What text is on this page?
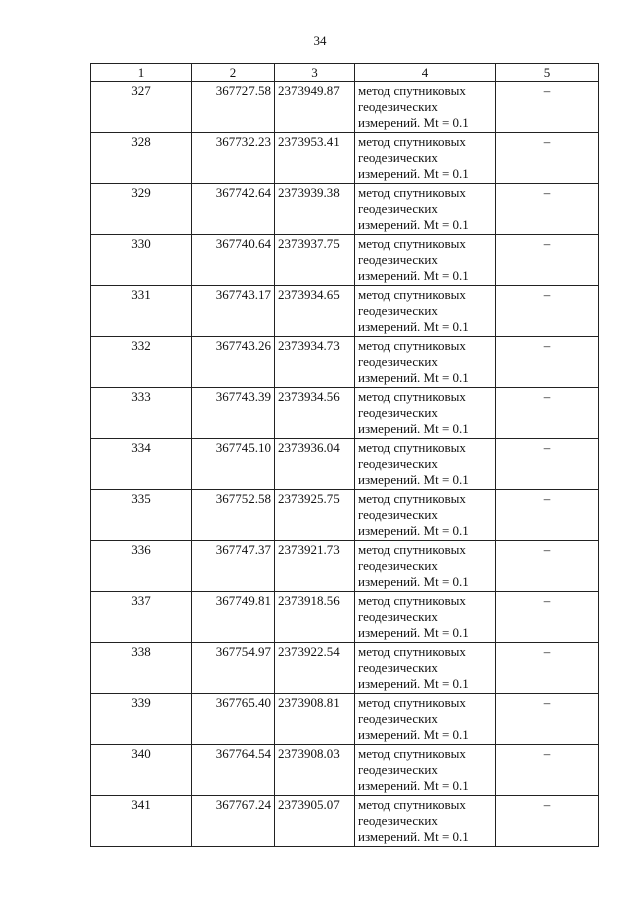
34
1	2	3	4	5
327	367727.58	2373949.87	метод спутниковых
геодезических
измерений. Mt = 0.1	–
328	367732.23	2373953.41	метод спутниковых
геодезических
измерений. Mt = 0.1	–
329	367742.64	2373939.38	метод спутниковых
геодезических
измерений. Mt = 0.1	–
330	367740.64	2373937.75	метод спутниковых
геодезических
измерений. Mt = 0.1	–
331	367743.17	2373934.65	метод спутниковых
геодезических
измерений. Mt = 0.1	–
332	367743.26	2373934.73	метод спутниковых
геодезических
измерений. Mt = 0.1	–
333	367743.39	2373934.56	метод спутниковых
геодезических
измерений. Mt = 0.1	–
334	367745.10	2373936.04	метод спутниковых
геодезических
измерений. Mt = 0.1	–
335	367752.58	2373925.75	метод спутниковых
геодезических
измерений. Mt = 0.1	–
336	367747.37	2373921.73	метод спутниковых
геодезических
измерений. Mt = 0.1	–
337	367749.81	2373918.56	метод спутниковых
геодезических
измерений. Mt = 0.1	–
338	367754.97	2373922.54	метод спутниковых
геодезических
измерений. Mt = 0.1	–
339	367765.40	2373908.81	метод спутниковых
геодезических
измерений. Mt = 0.1	–
340	367764.54	2373908.03	метод спутниковых
геодезических
измерений. Mt = 0.1	–
341	367767.24	2373905.07	метод спутниковых
геодезических
измерений. Mt = 0.1	–
